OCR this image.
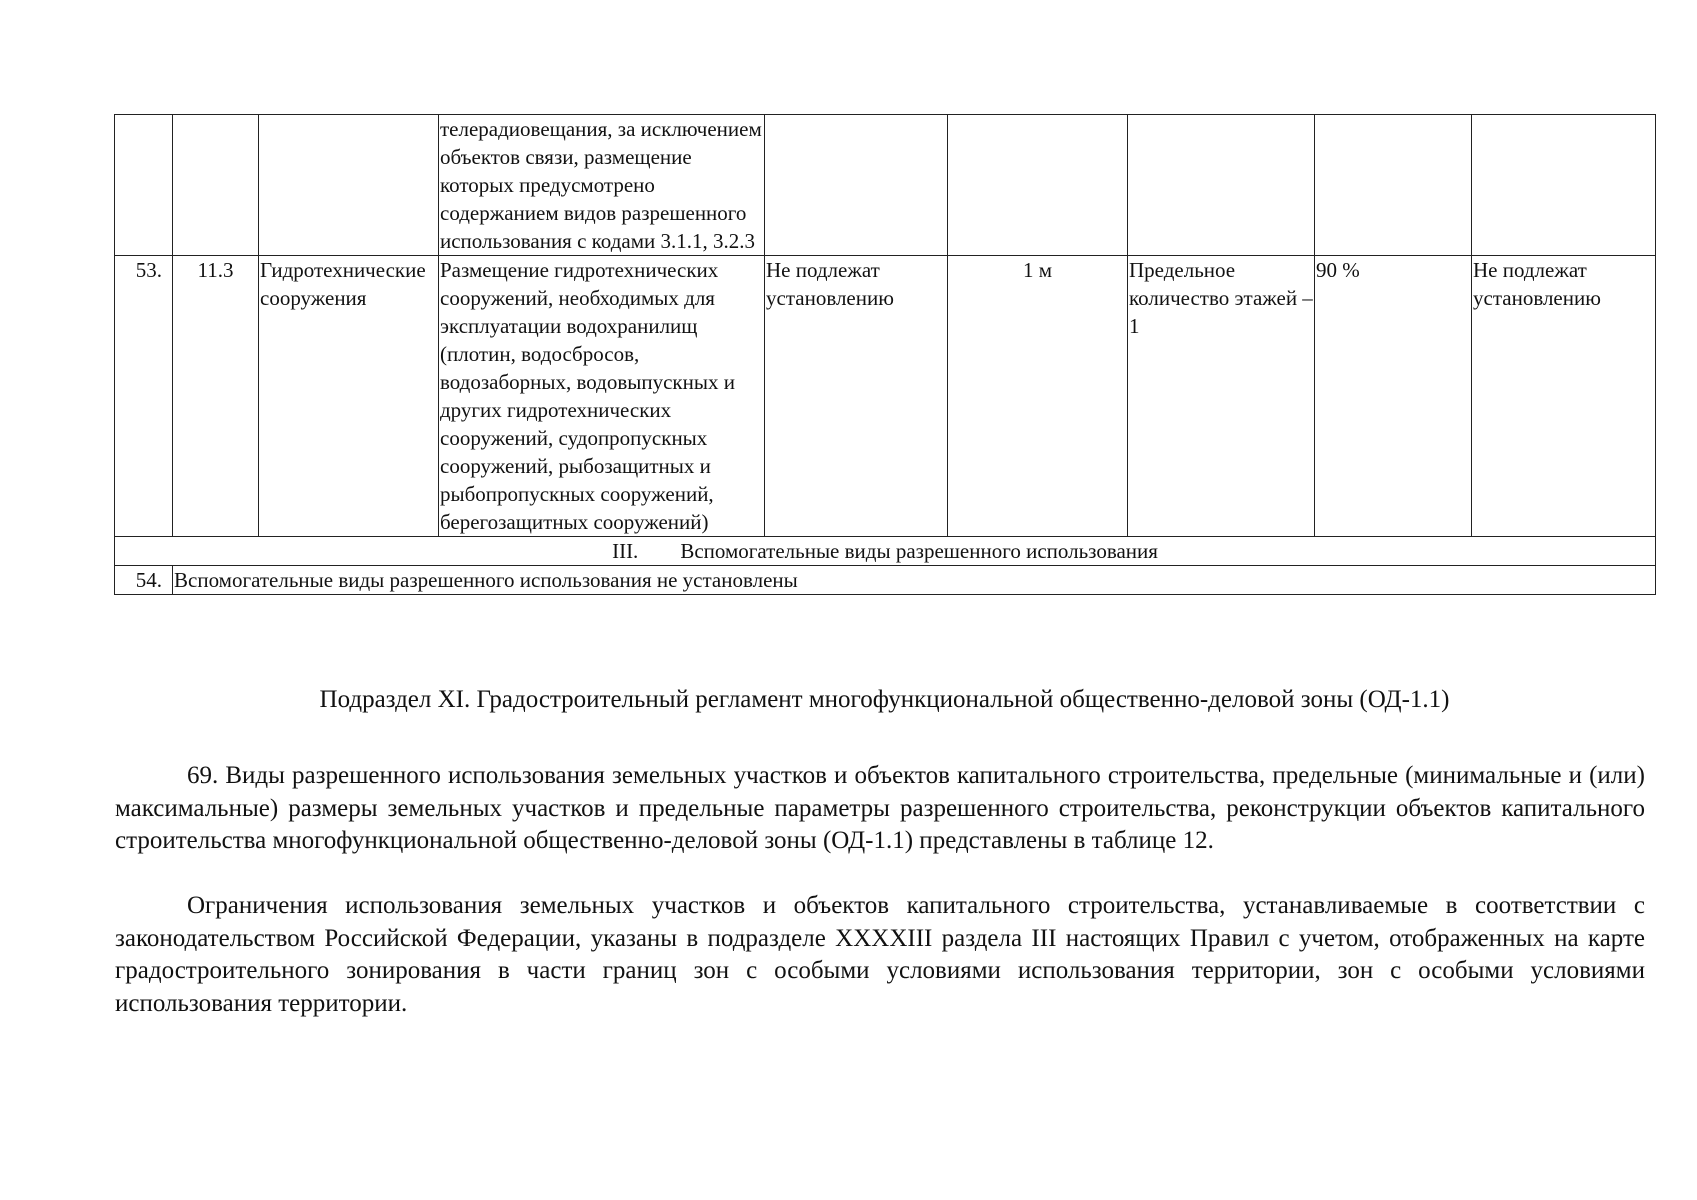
			телерадиовещания, за исключением объектов связи, размещение которых предусмотрено содержанием видов разрешенного использования с кодами 3.1.1, 3.2.3					
53.	11.3	Гидротехнические сооружения	Размещение гидротехнических сооружений, необходимых для эксплуатации водохранилищ (плотин, водосбросов, водозаборных, водовыпускных и других гидротехнических сооружений, судопропускных сооружений, рыбозащитных и рыбопропускных сооружений, берегозащитных сооружений)	Не подлежат установлению	1 м	Предельное количество этажей – 1	90 %	Не подлежат установлению
III. Вспомогательные виды разрешенного использования								
54.	Вспомогательные виды разрешенного использования не установлены							
Подраздел XI. Градостроительный регламент многофункциональной общественно-деловой зоны (ОД-1.1)

69. Виды разрешенного использования земельных участков и объектов капитального строительства, предельные (минимальные и (или) максимальные) размеры земельных участков и предельные параметры разрешенного строительства, реконструкции объектов капитального строительства многофункциональной общественно-деловой зоны (ОД-1.1) представлены в таблице 12.

Ограничения использования земельных участков и объектов капитального строительства, устанавливаемые в соответствии с законодательством Российской Федерации, указаны в подразделе XXXXIII раздела III настоящих Правил с учетом, отображенных на карте градостроительного зонирования в части границ зон с особыми условиями использования территории, зон с особыми условиями использования территории.
